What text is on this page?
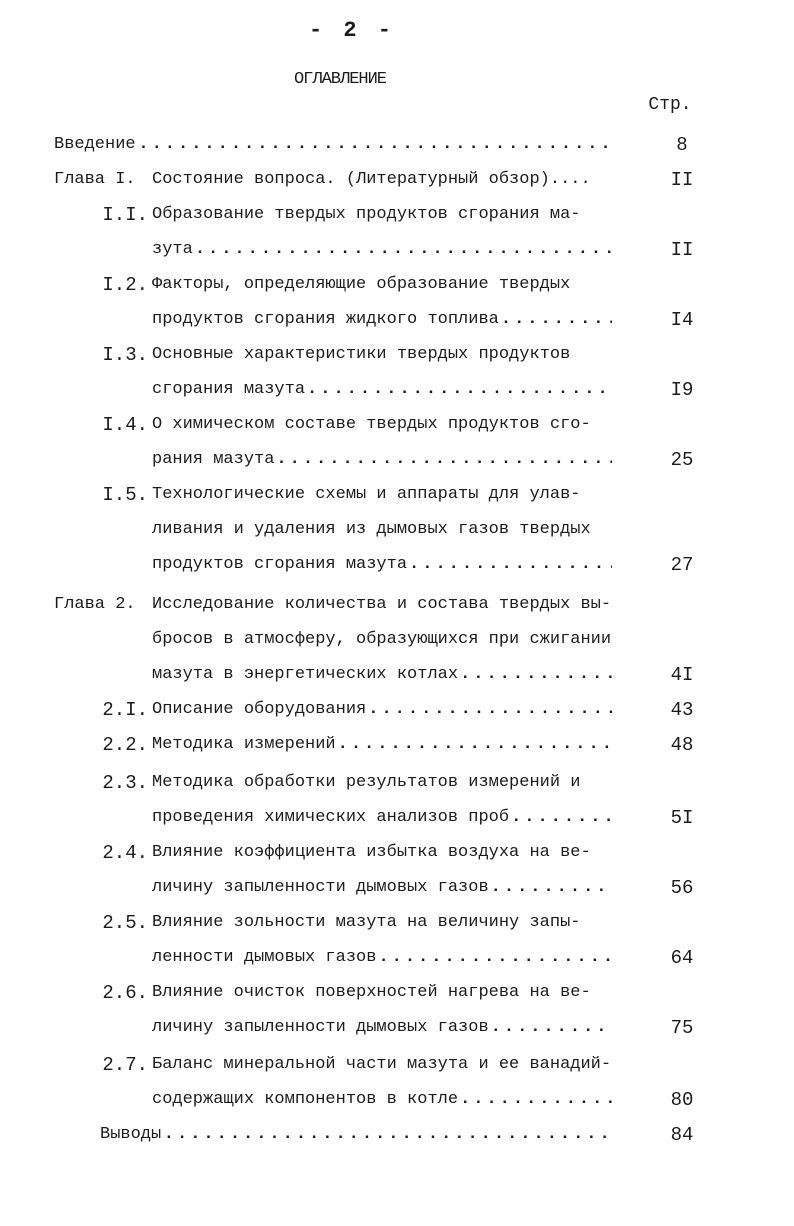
- 2 -
ОГЛАВЛЕНИЕ
Стр.
Введение . . .	8
Глава I. Состояние вопроса. (Литературный обзор)....	II
I.I. Образование твердых продуктов сгорания ма-
зута . . .	II
I.2. Факторы, определяющие образование твердых
продуктов сгорания жидкого топлива . . .	I4
I.3. Основные характеристики твердых продуктов
сгорания мазута . . .	I9
I.4. О химическом составе твердых продуктов сго-
рания мазута . . .	25
I.5. Технологические схемы и аппараты для улав-
ливания и удаления из дымовых газов твердых
продуктов сгорания мазута . . .	27
Глава 2. Исследование количества и состава твердых вы-
бросов в атмосферу, образующихся при сжигании
мазута в энергетических котлах . . .	4I
2.I. Описание оборудования . . .	43
2.2. Методика измерений . . .	48
2.3. Методика обработки результатов измерений и
проведения химических анализов проб . . .	5I
2.4. Влияние коэффициента избытка воздуха на ве-
личину запыленности дымовых газов . . .	56
2.5. Влияние зольности мазута на величину запы-
ленности дымовых газов . . .	64
2.6. Влияние очисток поверхностей нагрева на ве-
личину запыленности дымовых газов . . .	75
2.7. Баланс минеральной части мазута и ее ванадий-
содержащих компонентов в котле . . .	80
Выводы . . .	84
